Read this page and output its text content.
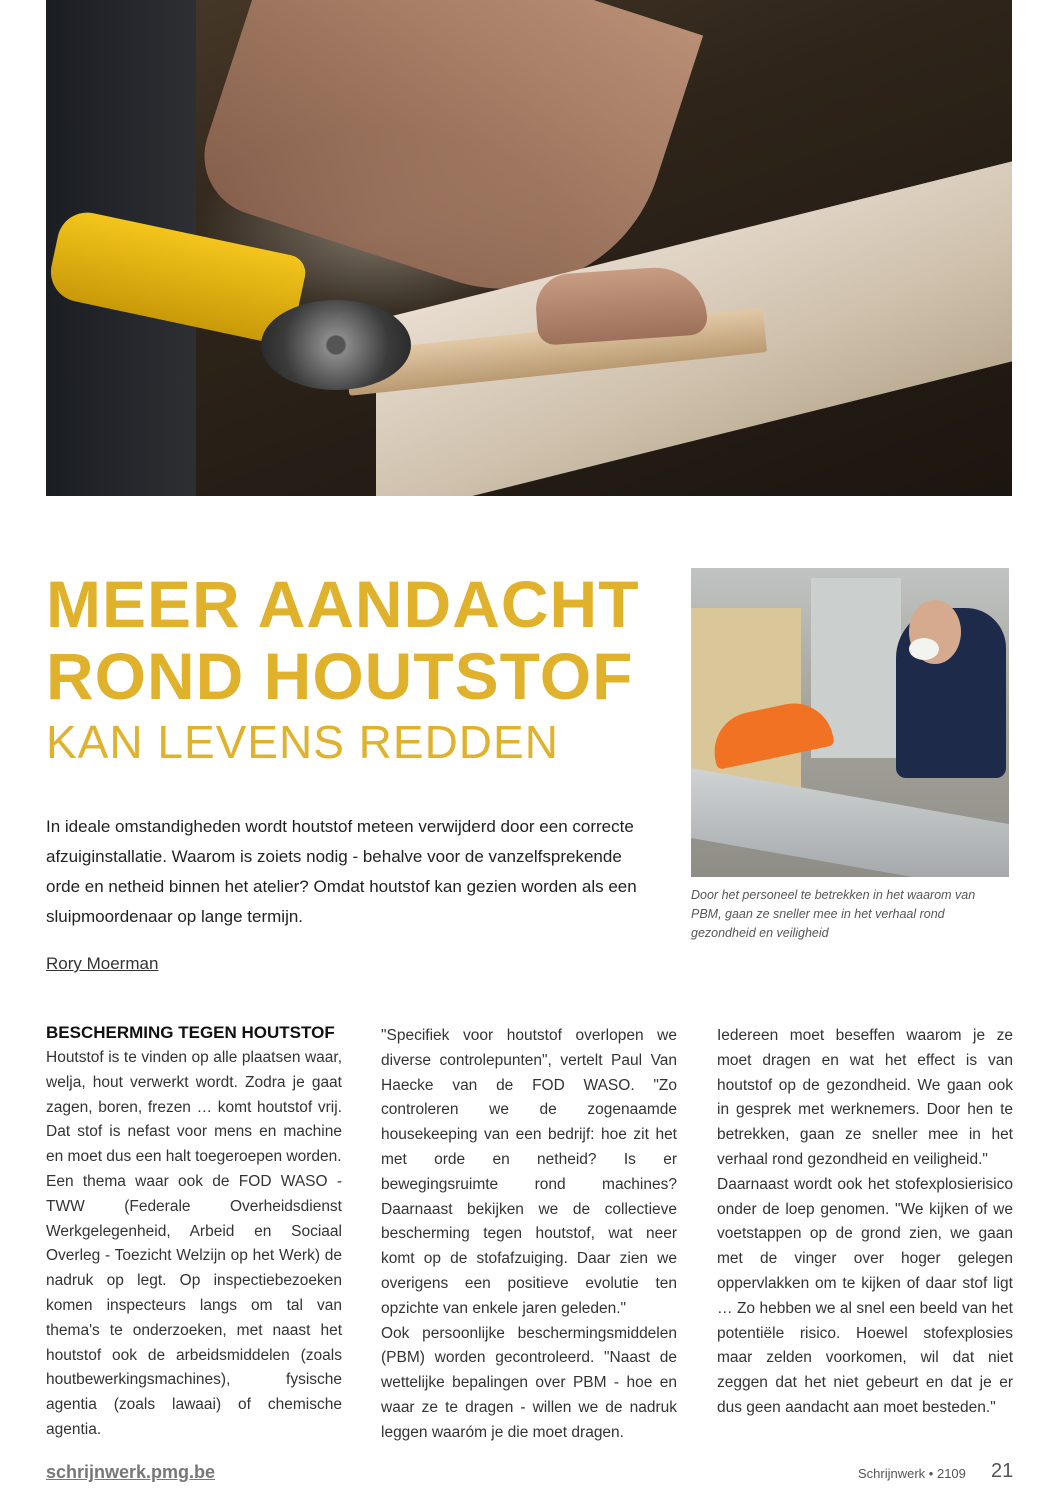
MEER AANDACHT
ROND HOUTSTOF
KAN LEVENS REDDEN
In ideale omstandigheden wordt houtstof meteen verwijderd door een correcte afzuiginstallatie. Waarom is zoiets nodig - behalve voor de vanzelfsprekende orde en netheid binnen het atelier? Omdat houtstof kan gezien worden als een sluipmoordenaar op lange termijn.
Rory Moerman
Door het personeel te betrekken in het waarom van PBM, gaan ze sneller mee in het verhaal rond gezondheid en veiligheid
BESCHERMING TEGEN HOUTSTOF

Houtstof is te vinden op alle plaatsen waar, welja, hout verwerkt wordt. Zodra je gaat zagen, boren, frezen … komt houtstof vrij. Dat stof is nefast voor mens en machine en moet dus een halt toegeroepen worden.

Een thema waar ook de FOD WASO - TWW (Federale Overheidsdienst Werkgelegenheid, Arbeid en Sociaal Overleg - Toezicht Welzijn op het Werk) de nadruk op legt. Op inspectiebezoeken komen inspecteurs langs om tal van thema's te onderzoeken, met naast het houtstof ook de arbeidsmiddelen (zoals houtbewerkingsmachines), fysische agentia (zoals lawaai) of chemische agentia.

"Specifiek voor houtstof overlopen we diverse controlepunten", vertelt Paul Van Haecke van de FOD WASO. "Zo controleren we de zogenaamde housekeeping van een bedrijf: hoe zit het met orde en netheid? Is er bewegingsruimte rond machines? Daarnaast bekijken we de collectieve bescherming tegen houtstof, wat neer komt op de stofafzuiging. Daar zien we overigens een positieve evolutie ten opzichte van enkele jaren geleden."

Ook persoonlijke beschermingsmiddelen (PBM) worden gecontroleerd. "Naast de wettelijke bepalingen over PBM - hoe en waar ze te dragen - willen we de nadruk leggen waaróm je die moet dragen.

Iedereen moet beseffen waarom je ze moet dragen en wat het effect is van houtstof op de gezondheid. We gaan ook in gesprek met werknemers. Door hen te betrekken, gaan ze sneller mee in het verhaal rond gezondheid en veiligheid."

Daarnaast wordt ook het stofexplosierisico onder de loep genomen. "We kijken of we voetstappen op de grond zien, we gaan met de vinger over hoger gelegen oppervlakken om te kijken of daar stof ligt … Zo hebben we al snel een beeld van het potentiële risico. Hoewel stofexplosies maar zelden voorkomen, wil dat niet zeggen dat het niet gebeurt en dat je er dus geen aandacht aan moet besteden."

schrijnwerk.pmg.be	Schrijnwerk • 2109 21
